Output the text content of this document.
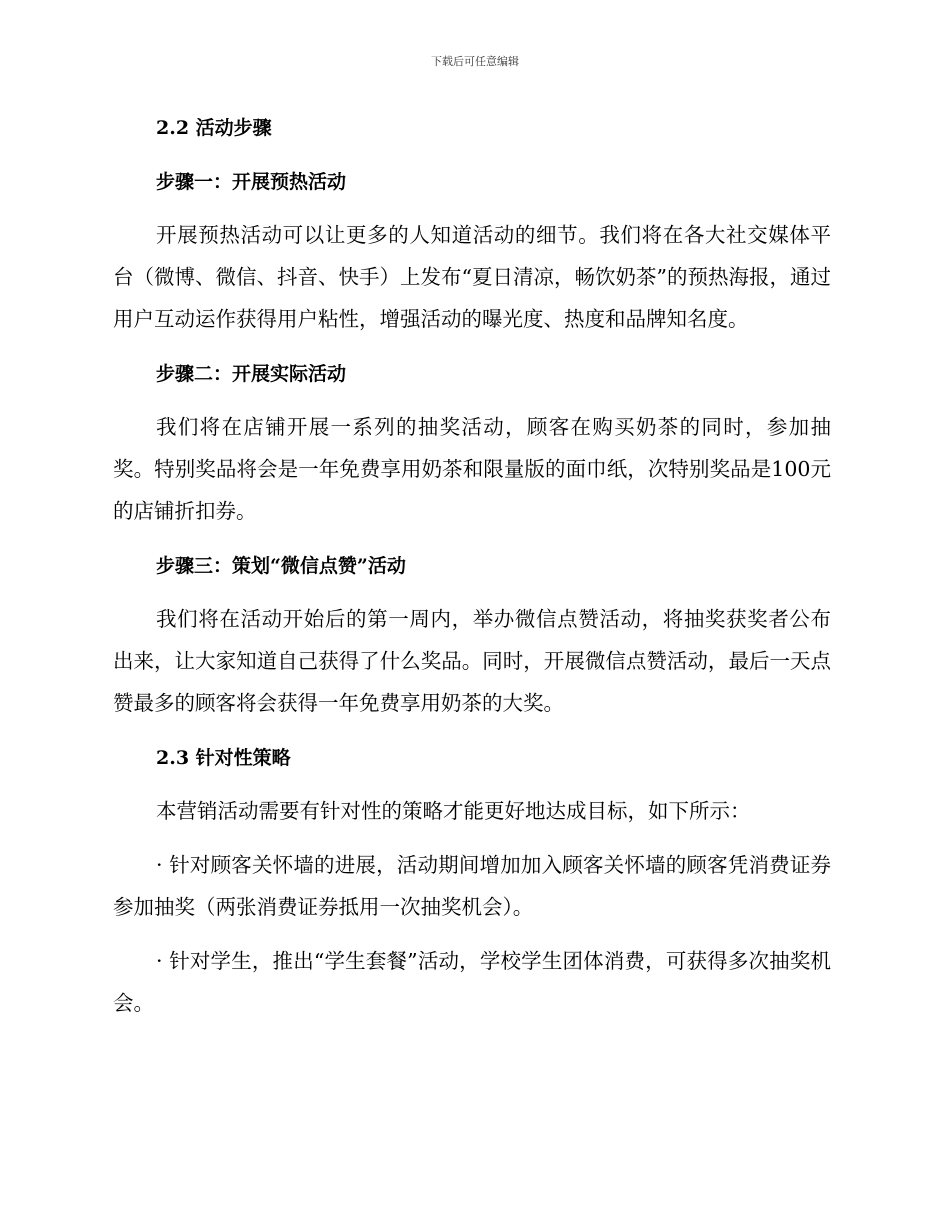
下载后可任意编辑
2.2 活动步骤
步骤一：开展预热活动

开展预热活动可以让更多的人知道活动的细节。我们将在各大社交媒体平台（微博、微信、抖音、快手）上发布“夏日清凉，畅饮奶茶”的预热海报，通过用户互动运作获得用户粘性，增强活动的曝光度、热度和品牌知名度。

步骤二：开展实际活动

我们将在店铺开展一系列的抽奖活动，顾客在购买奶茶的同时，参加抽奖。特别奖品将会是一年免费享用奶茶和限量版的面巾纸，次特别奖品是100元的店铺折扣券。

步骤三：策划“微信点赞”活动

我们将在活动开始后的第一周内，举办微信点赞活动，将抽奖获奖者公布出来，让大家知道自己获得了什么奖品。同时，开展微信点赞活动，最后一天点赞最多的顾客将会获得一年免费享用奶茶的大奖。

2.3 针对性策略

本营销活动需要有针对性的策略才能更好地达成目标，如下所示：

· 针对顾客关怀墙的进展，活动期间增加加入顾客关怀墙的顾客凭消费证券参加抽奖（两张消费证券抵用一次抽奖机会）。

· 针对学生，推出“学生套餐”活动，学校学生团体消费，可获得多次抽奖机会。
